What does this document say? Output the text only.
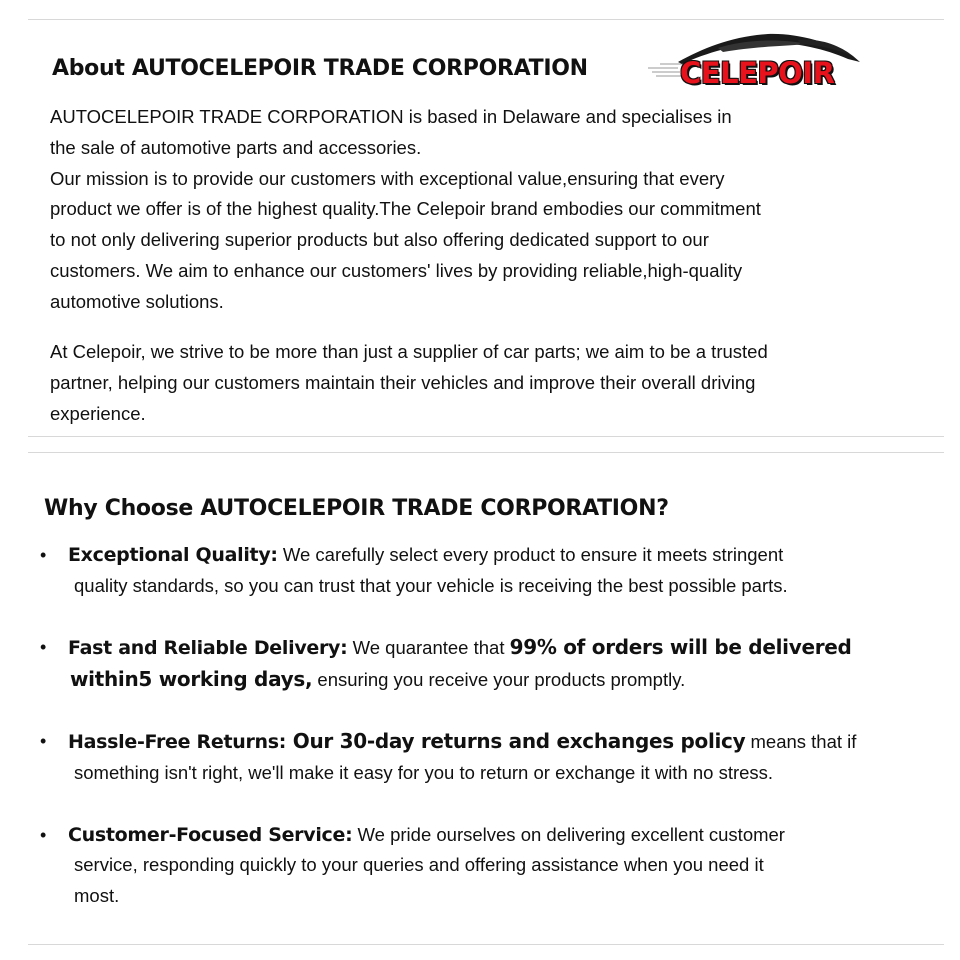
About AUTOCELEPOIR TRADE CORPORATION	CELEPOIR

AUTOCELEPOIR TRADE CORPORATION is based in Delaware and specialises in
the sale of automotive parts and accessories.
Our mission is to provide our customers with exceptional value,ensuring that every
product we offer is of the highest quality.The Celepoir brand embodies our commitment
to not only delivering superior products but also offering dedicated support to our
customers. We aim to enhance our customers' lives by providing reliable,high-quality
automotive solutions.

At Celepoir, we strive to be more than just a supplier of car parts; we aim to be a trusted
partner, helping our customers maintain their vehicles and improve their overall driving
experience.

Why Choose AUTOCELEPOIR TRADE CORPORATION?
• Exceptional Quality: We carefully select every product to ensure it meets stringent
quality standards, so you can trust that your vehicle is receiving the best possible parts.
• Fast and Reliable Delivery: We quarantee that 99% of orders will be delivered
within5 working days, ensuring you receive your products promptly.
• Hassle-Free Returns: Our 30-day returns and exchanges policy means that if
something isn't right, we'll make it easy for you to return or exchange it with no stress.
• Customer-Focused Service: We pride ourselves on delivering excellent customer
service, responding quickly to your queries and offering assistance when you need it
most.
